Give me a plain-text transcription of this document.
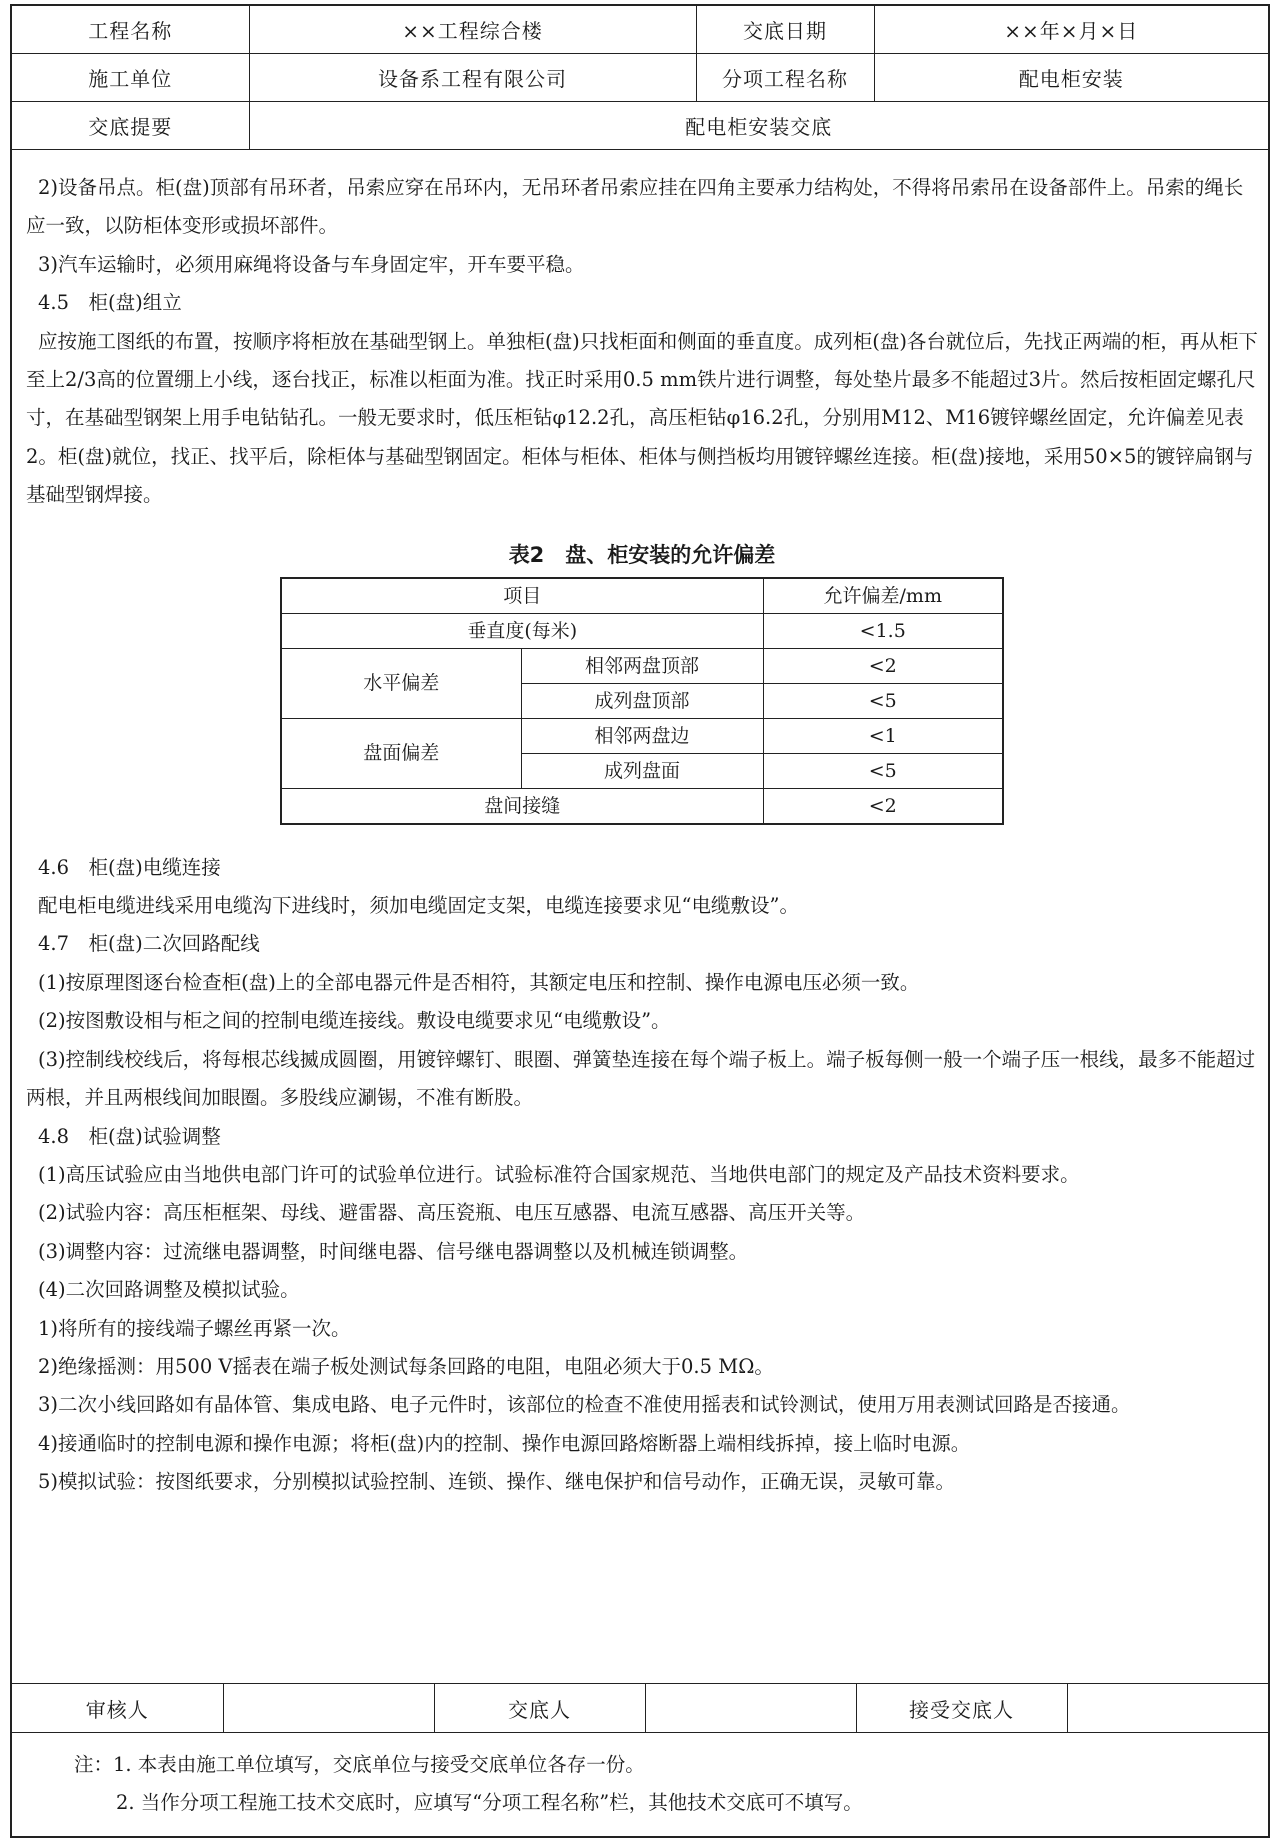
工程名称	××工程综合楼	交底日期	××年×月×日
施工单位	设备系工程有限公司	分项工程名称	配电柜安装
交底提要	配电柜安装交底		

2)设备吊点。柜(盘)顶部有吊环者，吊索应穿在吊环内，无吊环者吊索应挂在四角主要承力结构处，不得将吊索吊在设备部件上。吊索的绳长应一致，以防柜体变形或损坏部件。

3)汽车运输时，必须用麻绳将设备与车身固定牢，开车要平稳。

4.5　柜(盘)组立

应按施工图纸的布置，按顺序将柜放在基础型钢上。单独柜(盘)只找柜面和侧面的垂直度。成列柜(盘)各台就位后，先找正两端的柜，再从柜下至上2/3高的位置绷上小线，逐台找正，标准以柜面为准。找正时采用0.5 mm铁片进行调整，每处垫片最多不能超过3片。然后按柜固定螺孔尺寸，在基础型钢架上用手电钻钻孔。一般无要求时，低压柜钻φ12.2孔，高压柜钻φ16.2孔，分别用M12、M16镀锌螺丝固定，允许偏差见表2。柜(盘)就位，找正、找平后，除柜体与基础型钢固定。柜体与柜体、柜体与侧挡板均用镀锌螺丝连接。柜(盘)接地，采用50×5的镀锌扁钢与基础型钢焊接。

表2　盘、柜安装的允许偏差
项目		允许偏差/mm
垂直度(每米)		<1.5
水平偏差	相邻两盘顶部	<2
	成列盘顶部	<5
盘面偏差	相邻两盘边	<1
	成列盘面	<5
盘间接缝		<2

4.6　柜(盘)电缆连接

配电柜电缆进线采用电缆沟下进线时，须加电缆固定支架，电缆连接要求见“电缆敷设”。

4.7　柜(盘)二次回路配线

(1)按原理图逐台检查柜(盘)上的全部电器元件是否相符，其额定电压和控制、操作电源电压必须一致。

(2)按图敷设相与柜之间的控制电缆连接线。敷设电缆要求见“电缆敷设”。

(3)控制线校线后，将每根芯线揻成圆圈，用镀锌螺钉、眼圈、弹簧垫连接在每个端子板上。端子板每侧一般一个端子压一根线，最多不能超过两根，并且两根线间加眼圈。多股线应涮锡，不准有断股。

4.8　柜(盘)试验调整

(1)高压试验应由当地供电部门许可的试验单位进行。试验标准符合国家规范、当地供电部门的规定及产品技术资料要求。

(2)试验内容：高压柜框架、母线、避雷器、高压瓷瓶、电压互感器、电流互感器、高压开关等。

(3)调整内容：过流继电器调整，时间继电器、信号继电器调整以及机械连锁调整。

(4)二次回路调整及模拟试验。

1)将所有的接线端子螺丝再紧一次。

2)绝缘摇测：用500 V摇表在端子板处测试每条回路的电阻，电阻必须大于0.5 MΩ。

3)二次小线回路如有晶体管、集成电路、电子元件时，该部位的检查不准使用摇表和试铃测试，使用万用表测试回路是否接通。

4)接通临时的控制电源和操作电源；将柜(盘)内的控制、操作电源回路熔断器上端相线拆掉，接上临时电源。

5)模拟试验：按图纸要求，分别模拟试验控制、连锁、操作、继电保护和信号动作，正确无误，灵敏可靠。

审核人		交底人		接受交底人	
注：1. 本表由施工单位填写，交底单位与接受交底单位各存一份。
2. 当作分项工程施工技术交底时，应填写“分项工程名称”栏，其他技术交底可不填写。
